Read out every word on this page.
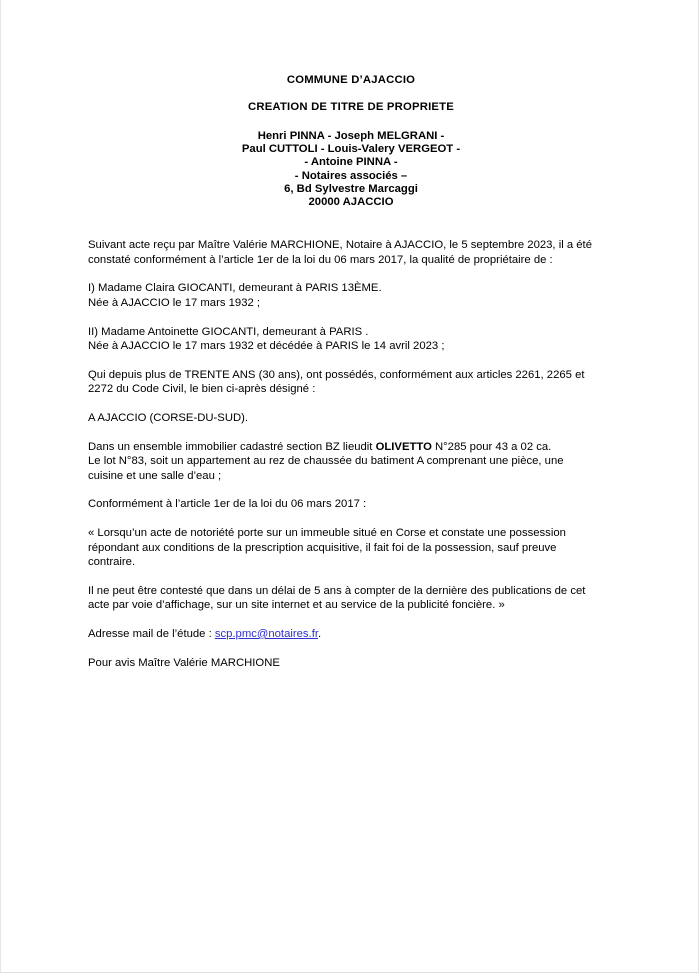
COMMUNE D’AJACCIO
CREATION DE TITRE DE PROPRIETE
Henri PINNA - Joseph MELGRANI -
Paul CUTTOLI - Louis-Valery VERGEOT -
- Antoine PINNA -
- Notaires associés –
6, Bd Sylvestre Marcaggi
20000 AJACCIO

Suivant acte reçu par Maître Valérie MARCHIONE, Notaire à AJACCIO, le 5 septembre 2023, il a été
constaté conformément à l’article 1er de la loi du 06 mars 2017, la qualité de propriétaire de :

I) Madame Claira GIOCANTI, demeurant à PARIS 13ÈME.
Née à AJACCIO le 17 mars 1932 ;

II) Madame Antoinette GIOCANTI, demeurant à PARIS .
Née à AJACCIO le 17 mars 1932 et décédée à PARIS le 14 avril 2023 ;

Qui depuis plus de TRENTE ANS (30 ans), ont possédés, conformément aux articles 2261, 2265 et
2272 du Code Civil, le bien ci-après désigné :

A AJACCIO (CORSE-DU-SUD).

Dans un ensemble immobilier cadastré section BZ lieudit OLIVETTO N°285 pour 43 a 02 ca.
Le lot N°83, soit un appartement au rez de chaussée du batiment A comprenant une pièce, une
cuisine et une salle d’eau ;

Conformément à l’article 1er de la loi du 06 mars 2017 :

« Lorsqu’un acte de notoriété porte sur un immeuble situé en Corse et constate une possession
répondant aux conditions de la prescription acquisitive, il fait foi de la possession, sauf preuve
contraire.

Il ne peut être contesté que dans un délai de 5 ans à compter de la dernière des publications de cet
acte par voie d’affichage, sur un site internet et au service de la publicité foncière. »

Adresse mail de l’étude : scp.pmc@notaires.fr.

Pour avis Maître Valérie MARCHIONE
